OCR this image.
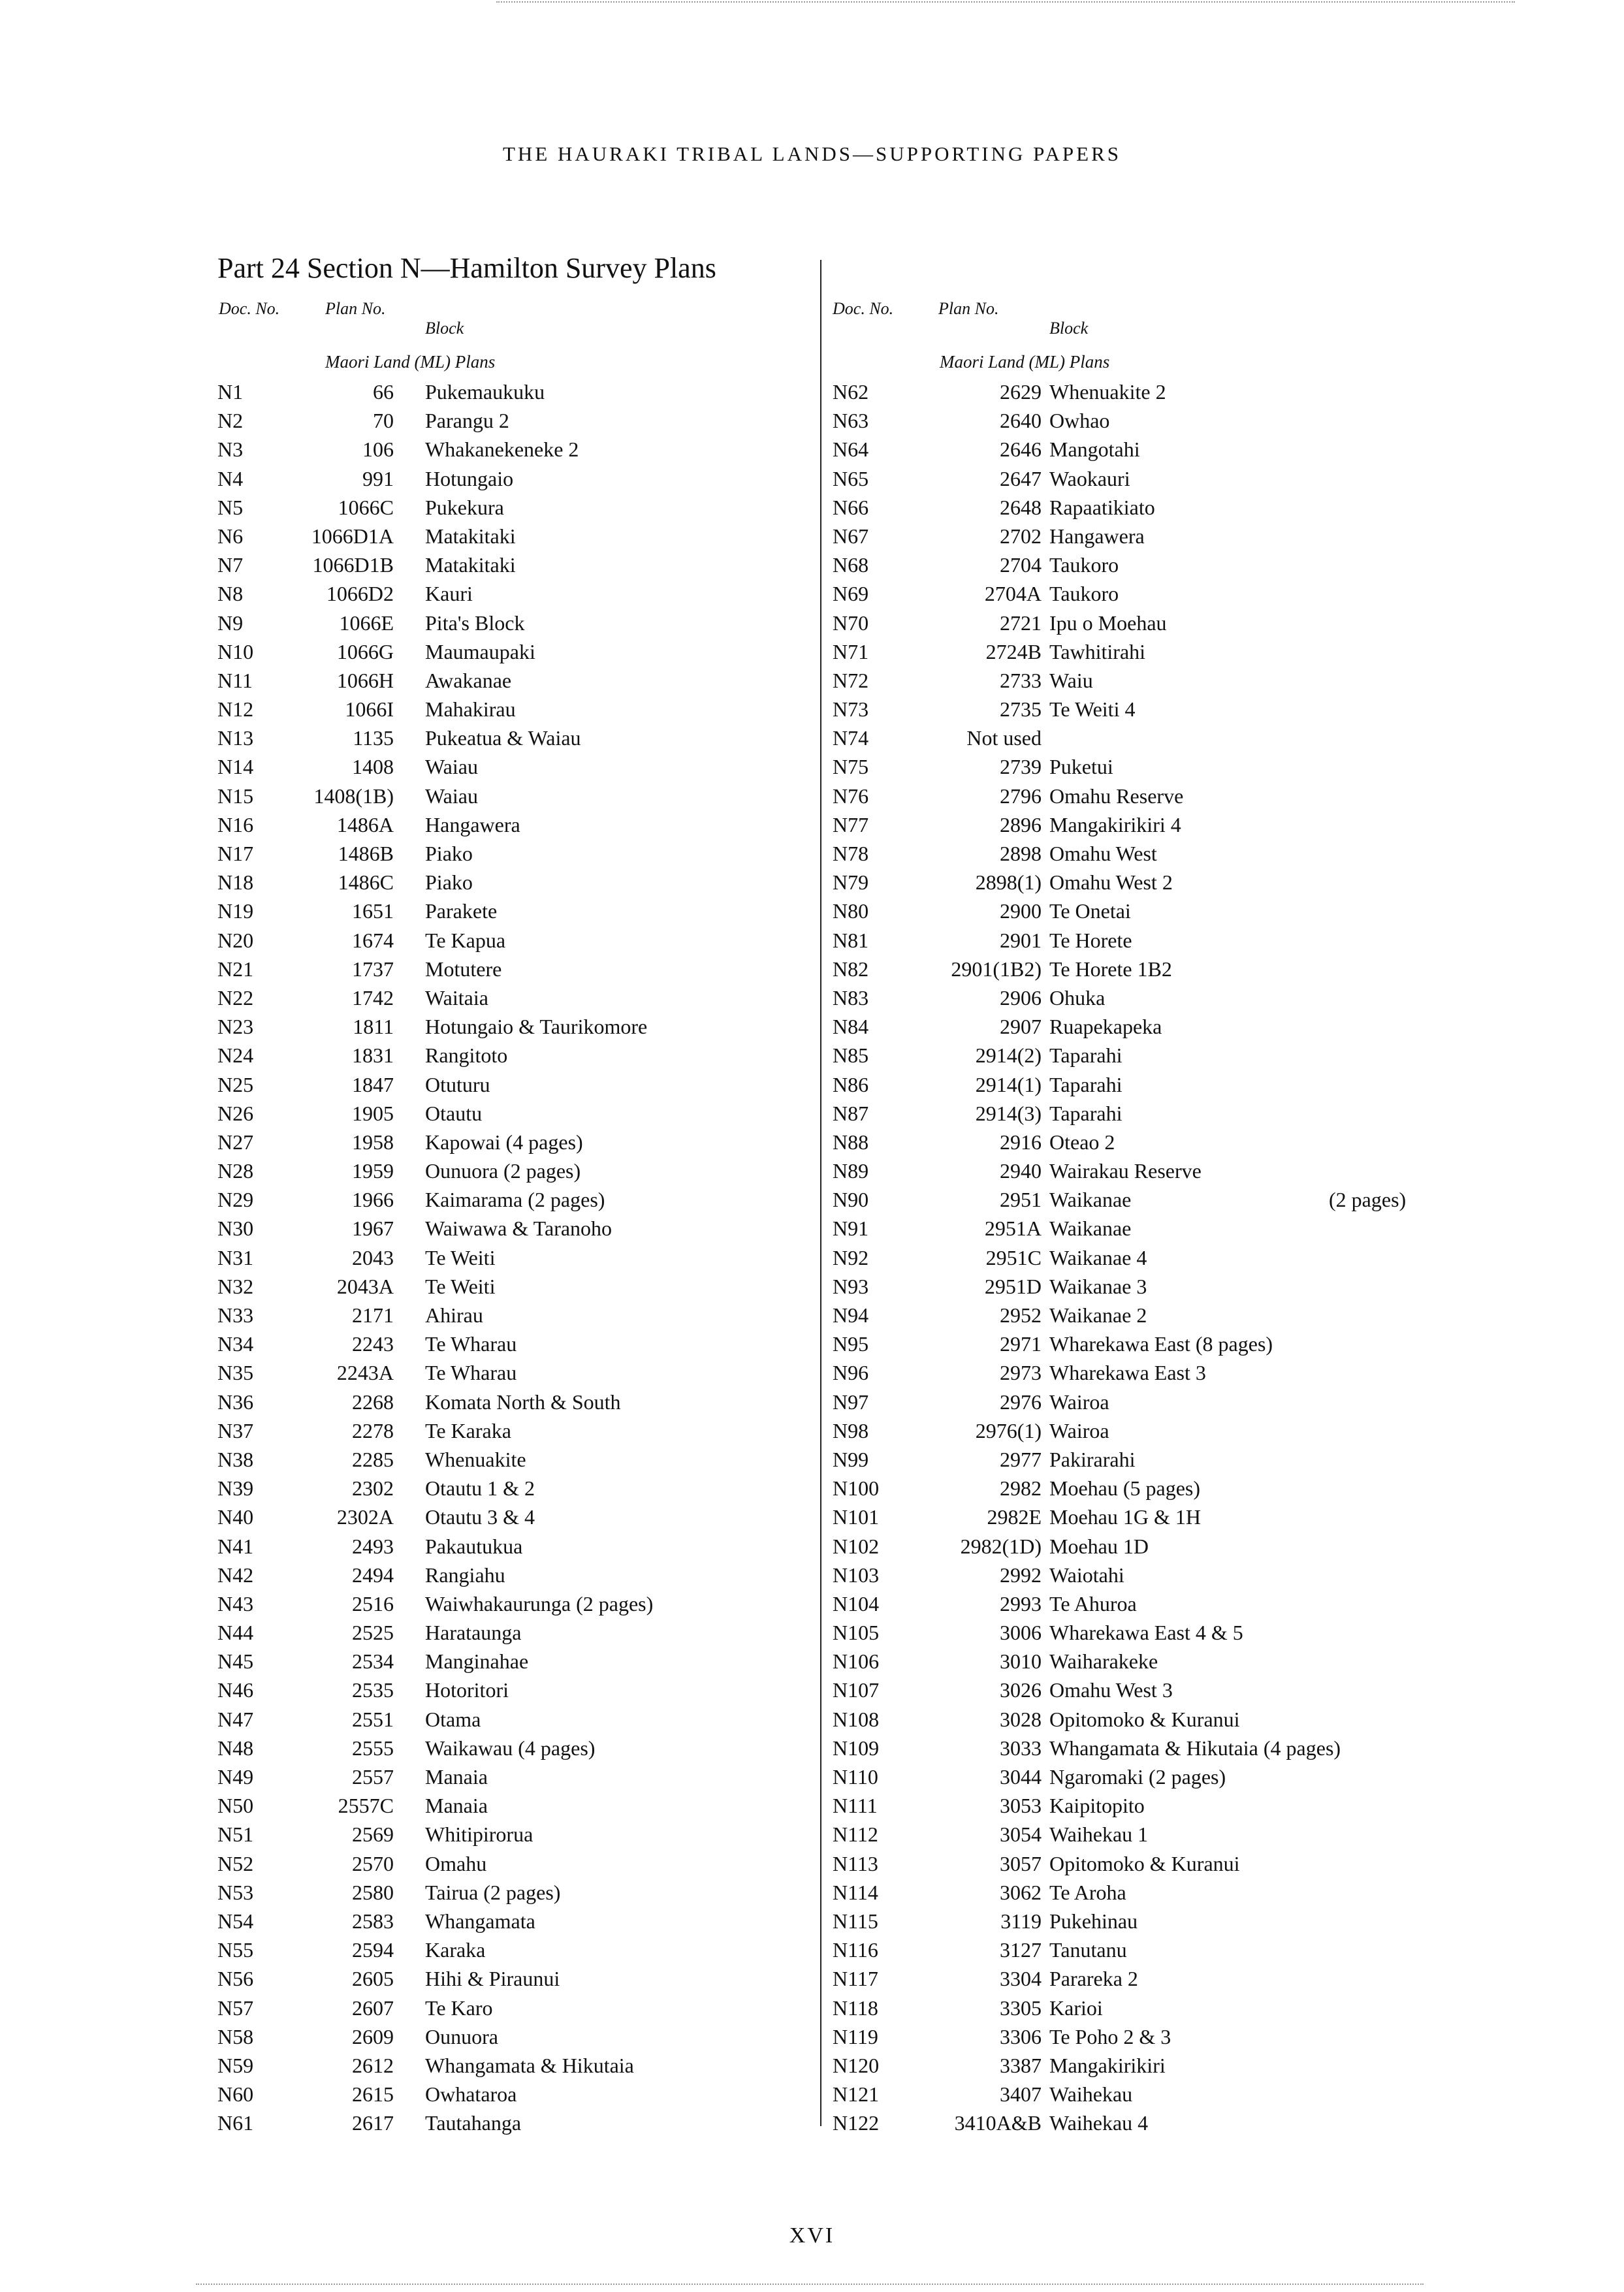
THE HAURAKI TRIBAL LANDS—SUPPORTING PAPERS
Part 24 Section N—Hamilton Survey Plans
Doc. No.	Plan No.
Block
Maori Land (ML) Plans
N1	66 Pukemaukuku
N2	70 Parangu 2
N3	106 Whakanekeneke 2
N4	991 Hotungaio
N5	1066C Pukekura
N6	1066D1A Matakitaki
N7	1066D1B Matakitaki
N8	1066D2 Kauri
N9	1066E Pita's Block
N10	1066G Maumaupaki
N11	1066H Awakanae
N12	1066I Mahakirau
N13	1135 Pukeatua & Waiau
N14	1408 Waiau
N15	1408(1B) Waiau
N16	1486A Hangawera
N17	1486B Piako
N18	1486C Piako
N19	1651 Parakete
N20	1674 Te Kapua
N21	1737 Motutere
N22	1742 Waitaia
N23	1811 Hotungaio & Taurikomore
N24	1831 Rangitoto
N25	1847 Otuturu
N26	1905 Otautu
N27	1958 Kapowai (4 pages)
N28	1959 Ounuora (2 pages)
N29	1966 Kaimarama (2 pages)
N30	1967 Waiwawa & Taranoho
N31	2043 Te Weiti
N32	2043A Te Weiti
N33	2171 Ahirau
N34	2243 Te Wharau
N35	2243A Te Wharau
N36	2268 Komata North & South
N37	2278 Te Karaka
N38	2285 Whenuakite
N39	2302 Otautu 1 & 2
N40	2302A Otautu 3 & 4
N41	2493 Pakautukua
N42	2494 Rangiahu
N43	2516 Waiwhakaurunga (2 pages)
N44	2525 Harataunga
N45	2534 Manginahae
N46	2535 Hotoritori
N47	2551 Otama
N48	2555 Waikawau (4 pages)
N49	2557 Manaia
N50	2557C Manaia
N51	2569 Whitipirorua
N52	2570 Omahu
N53	2580 Tairua (2 pages)
N54	2583 Whangamata
N55	2594 Karaka
N56	2605 Hihi & Piraunui
N57	2607 Te Karo
N58	2609 Ounuora
N59	2612 Whangamata & Hikutaia
N60	2615 Owhataroa
N61	2617 Tautahanga
Doc. No.	Plan No.
Block
Maori Land (ML) Plans
N62	2629 Whenuakite 2
N63	2640 Owhao
N64	2646 Mangotahi
N65	2647 Waokauri
N66	2648 Rapaatikiato
N67	2702 Hangawera
N68	2704 Taukoro
N69	2704A Taukoro
N70	2721 Ipu o Moehau
N71	2724B Tawhitirahi
N72	2733 Waiu
N73	2735 Te Weiti 4
N74	Not used
N75	2739 Puketui
N76	2796 Omahu Reserve
N77	2896 Mangakirikiri 4
N78	2898 Omahu West
N79	2898(1) Omahu West 2
N80	2900 Te Onetai
N81	2901 Te Horete
N82	2901(1B2) Te Horete 1B2
N83	2906 Ohuka
N84	2907 Ruapekapeka
N85	2914(2) Taparahi
N86	2914(1) Taparahi
N87	2914(3) Taparahi
N88	2916 Oteao 2
N89	2940 Wairakau Reserve
N90	2951 Waikanae	(2 pages)
N91	2951A Waikanae
N92	2951C Waikanae 4
N93	2951D Waikanae 3
N94	2952 Waikanae 2
N95	2971 Wharekawa East (8 pages)
N96	2973 Wharekawa East 3
N97	2976 Wairoa
N98	2976(1) Wairoa
N99	2977 Pakirarahi
N100	2982 Moehau (5 pages)
N101	2982E Moehau 1G & 1H
N102	2982(1D) Moehau 1D
N103	2992 Waiotahi
N104	2993 Te Ahuroa
N105	3006 Wharekawa East 4 & 5
N106	3010 Waiharakeke
N107	3026 Omahu West 3
N108	3028 Opitomoko & Kuranui
N109	3033 Whangamata & Hikutaia (4 pages)
N110	3044 Ngaromaki (2 pages)
N111	3053 Kaipitopito
N112	3054 Waihekau 1
N113	3057 Opitomoko & Kuranui
N114	3062 Te Aroha
N115	3119 Pukehinau
N116	3127 Tanutanu
N117	3304 Parareka 2
N118	3305 Karioi
N119	3306 Te Poho 2 & 3
N120	3387 Mangakirikiri
N121	3407 Waihekau
N122	3410A&B Waihekau 4
XVI
